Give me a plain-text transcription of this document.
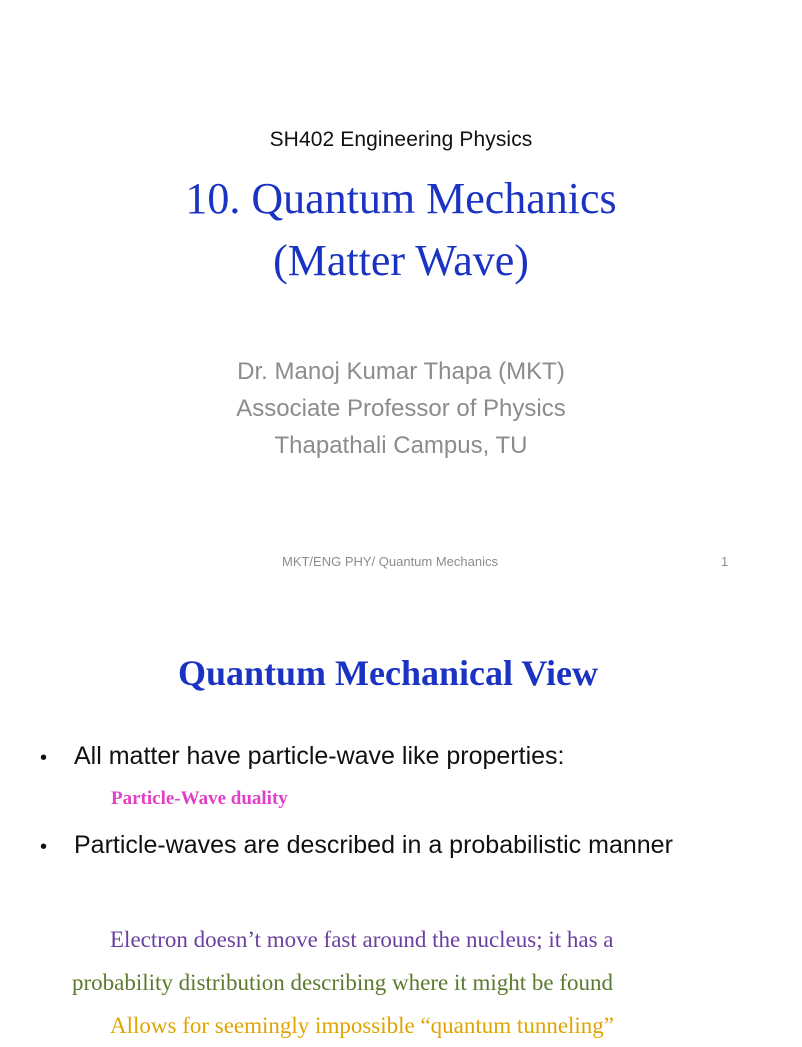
SH402 Engineering Physics
10. Quantum Mechanics
(Matter Wave)
Dr. Manoj Kumar Thapa (MKT)
Associate Professor of Physics
Thapathali Campus, TU
MKT/ENG PHY/ Quantum Mechanics	1
Quantum Mechanical View
• All matter have particle-wave like properties:
Particle-Wave duality
• Particle-waves are described in a probabilistic manner
Electron doesn’t move fast around the nucleus; it has a
probability distribution describing where it might be found
Allows for seemingly impossible “quantum tunneling”
